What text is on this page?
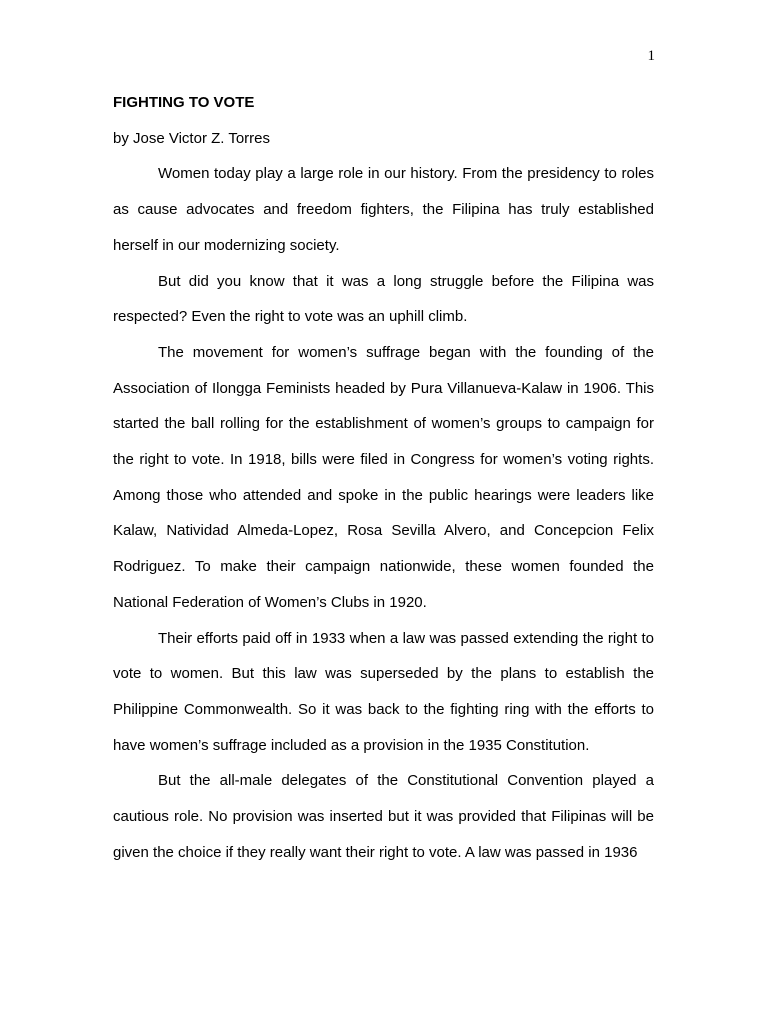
1

FIGHTING TO VOTE

by Jose Victor Z. Torres

Women today play a large role in our history. From the presidency to roles as cause advocates and freedom fighters, the Filipina has truly established herself in our modernizing society.

But did you know that it was a long struggle before the Filipina was respected? Even the right to vote was an uphill climb.

The movement for women’s suffrage began with the founding of the Association of Ilongga Feminists headed by Pura Villanueva-Kalaw in 1906. This started the ball rolling for the establishment of women’s groups to campaign for the right to vote. In 1918, bills were filed in Congress for women’s voting rights. Among those who attended and spoke in the public hearings were leaders like Kalaw, Natividad Almeda-Lopez, Rosa Sevilla Alvero, and Concepcion Felix Rodriguez. To make their campaign nationwide, these women founded the National Federation of Women’s Clubs in 1920.

Their efforts paid off in 1933 when a law was passed extending the right to vote to women. But this law was superseded by the plans to establish the Philippine Commonwealth. So it was back to the fighting ring with the efforts to have women’s suffrage included as a provision in the 1935 Constitution.

But the all-male delegates of the Constitutional Convention played a cautious role. No provision was inserted but it was provided that Filipinas will be given the choice if they really want their right to vote. A law was passed in 1936
